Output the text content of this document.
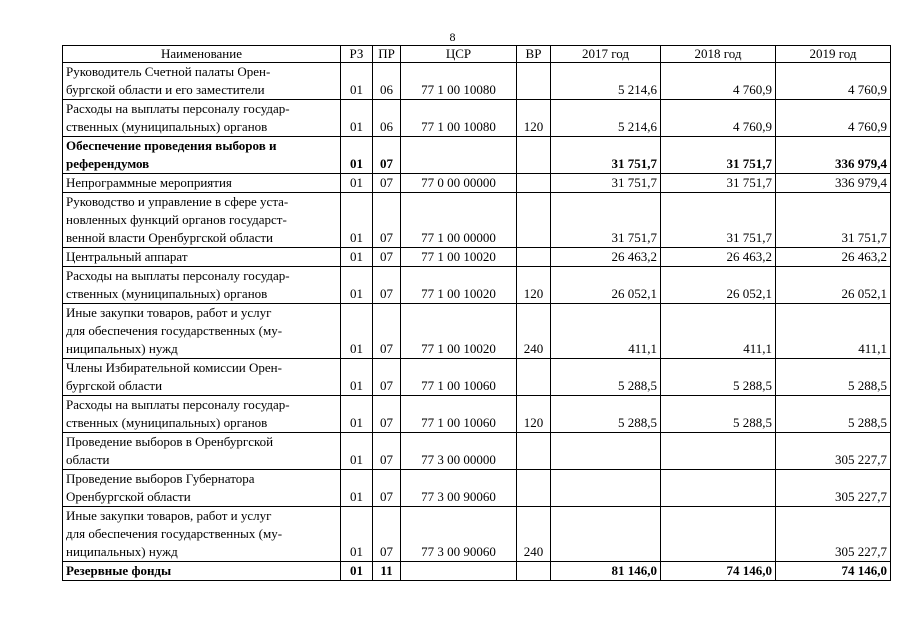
8
Наименование	РЗ	ПР	ЦСР	ВР	2017 год	2018 год	2019 год
Руководитель Счетной палаты Орен-
бургской области и его заместители	01	06	77 1 00 10080		5 214,6	4 760,9	4 760,9
Расходы на выплаты персоналу государ-
ственных (муниципальных) органов	01	06	77 1 00 10080	120	5 214,6	4 760,9	4 760,9
Обеспечение проведения выборов и
референдумов	01	07			31 751,7	31 751,7	336 979,4
Непрограммные мероприятия	01	07	77 0 00 00000		31 751,7	31 751,7	336 979,4
Руководство и управление в сфере уста-
новленных функций органов государст-
венной власти Оренбургской области	01	07	77 1 00 00000		31 751,7	31 751,7	31 751,7
Центральный аппарат	01	07	77 1 00 10020		26 463,2	26 463,2	26 463,2
Расходы на выплаты персоналу государ-
ственных (муниципальных) органов	01	07	77 1 00 10020	120	26 052,1	26 052,1	26 052,1
Иные закупки товаров, работ и услуг
для обеспечения государственных (му-
ниципальных) нужд	01	07	77 1 00 10020	240	411,1	411,1	411,1
Члены Избирательной комиссии Орен-
бургской области	01	07	77 1 00 10060		5 288,5	5 288,5	5 288,5
Расходы на выплаты персоналу государ-
ственных (муниципальных) органов	01	07	77 1 00 10060	120	5 288,5	5 288,5	5 288,5
Проведение выборов в Оренбургской
области	01	07	77 3 00 00000				305 227,7
Проведение выборов Губернатора
Оренбургской области	01	07	77 3 00 90060				305 227,7
Иные закупки товаров, работ и услуг
для обеспечения государственных (му-
ниципальных) нужд	01	07	77 3 00 90060	240			305 227,7
Резервные фонды	01	11			81 146,0	74 146,0	74 146,0
